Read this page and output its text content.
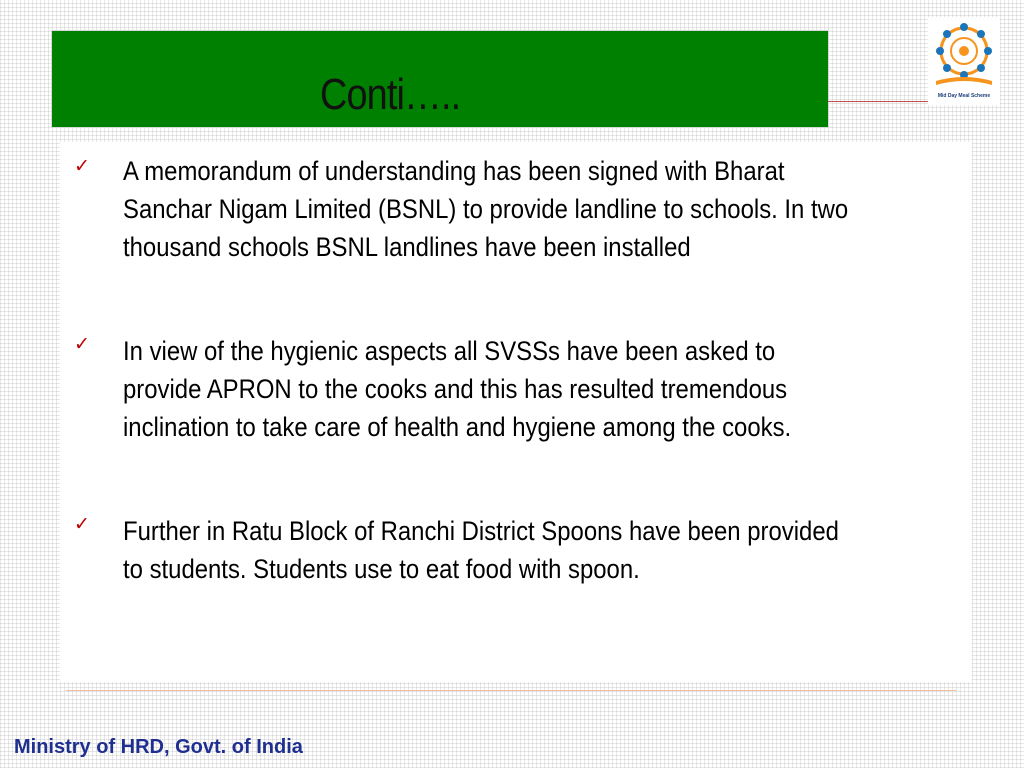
Conti…..	Mid Day Meal Scheme
✓ A memorandum of understanding has been signed with Bharat Sanchar Nigam Limited (BSNL) to provide landline to schools. In two thousand schools BSNL landlines have been installed
✓ In view of the hygienic aspects all SVSSs have been asked to provide APRON to the cooks and this has resulted tremendous inclination to take care of health and hygiene among the cooks.
✓ Further in Ratu Block of Ranchi District Spoons have been provided to students. Students use to eat food with spoon.
Ministry of HRD, Govt. of India
